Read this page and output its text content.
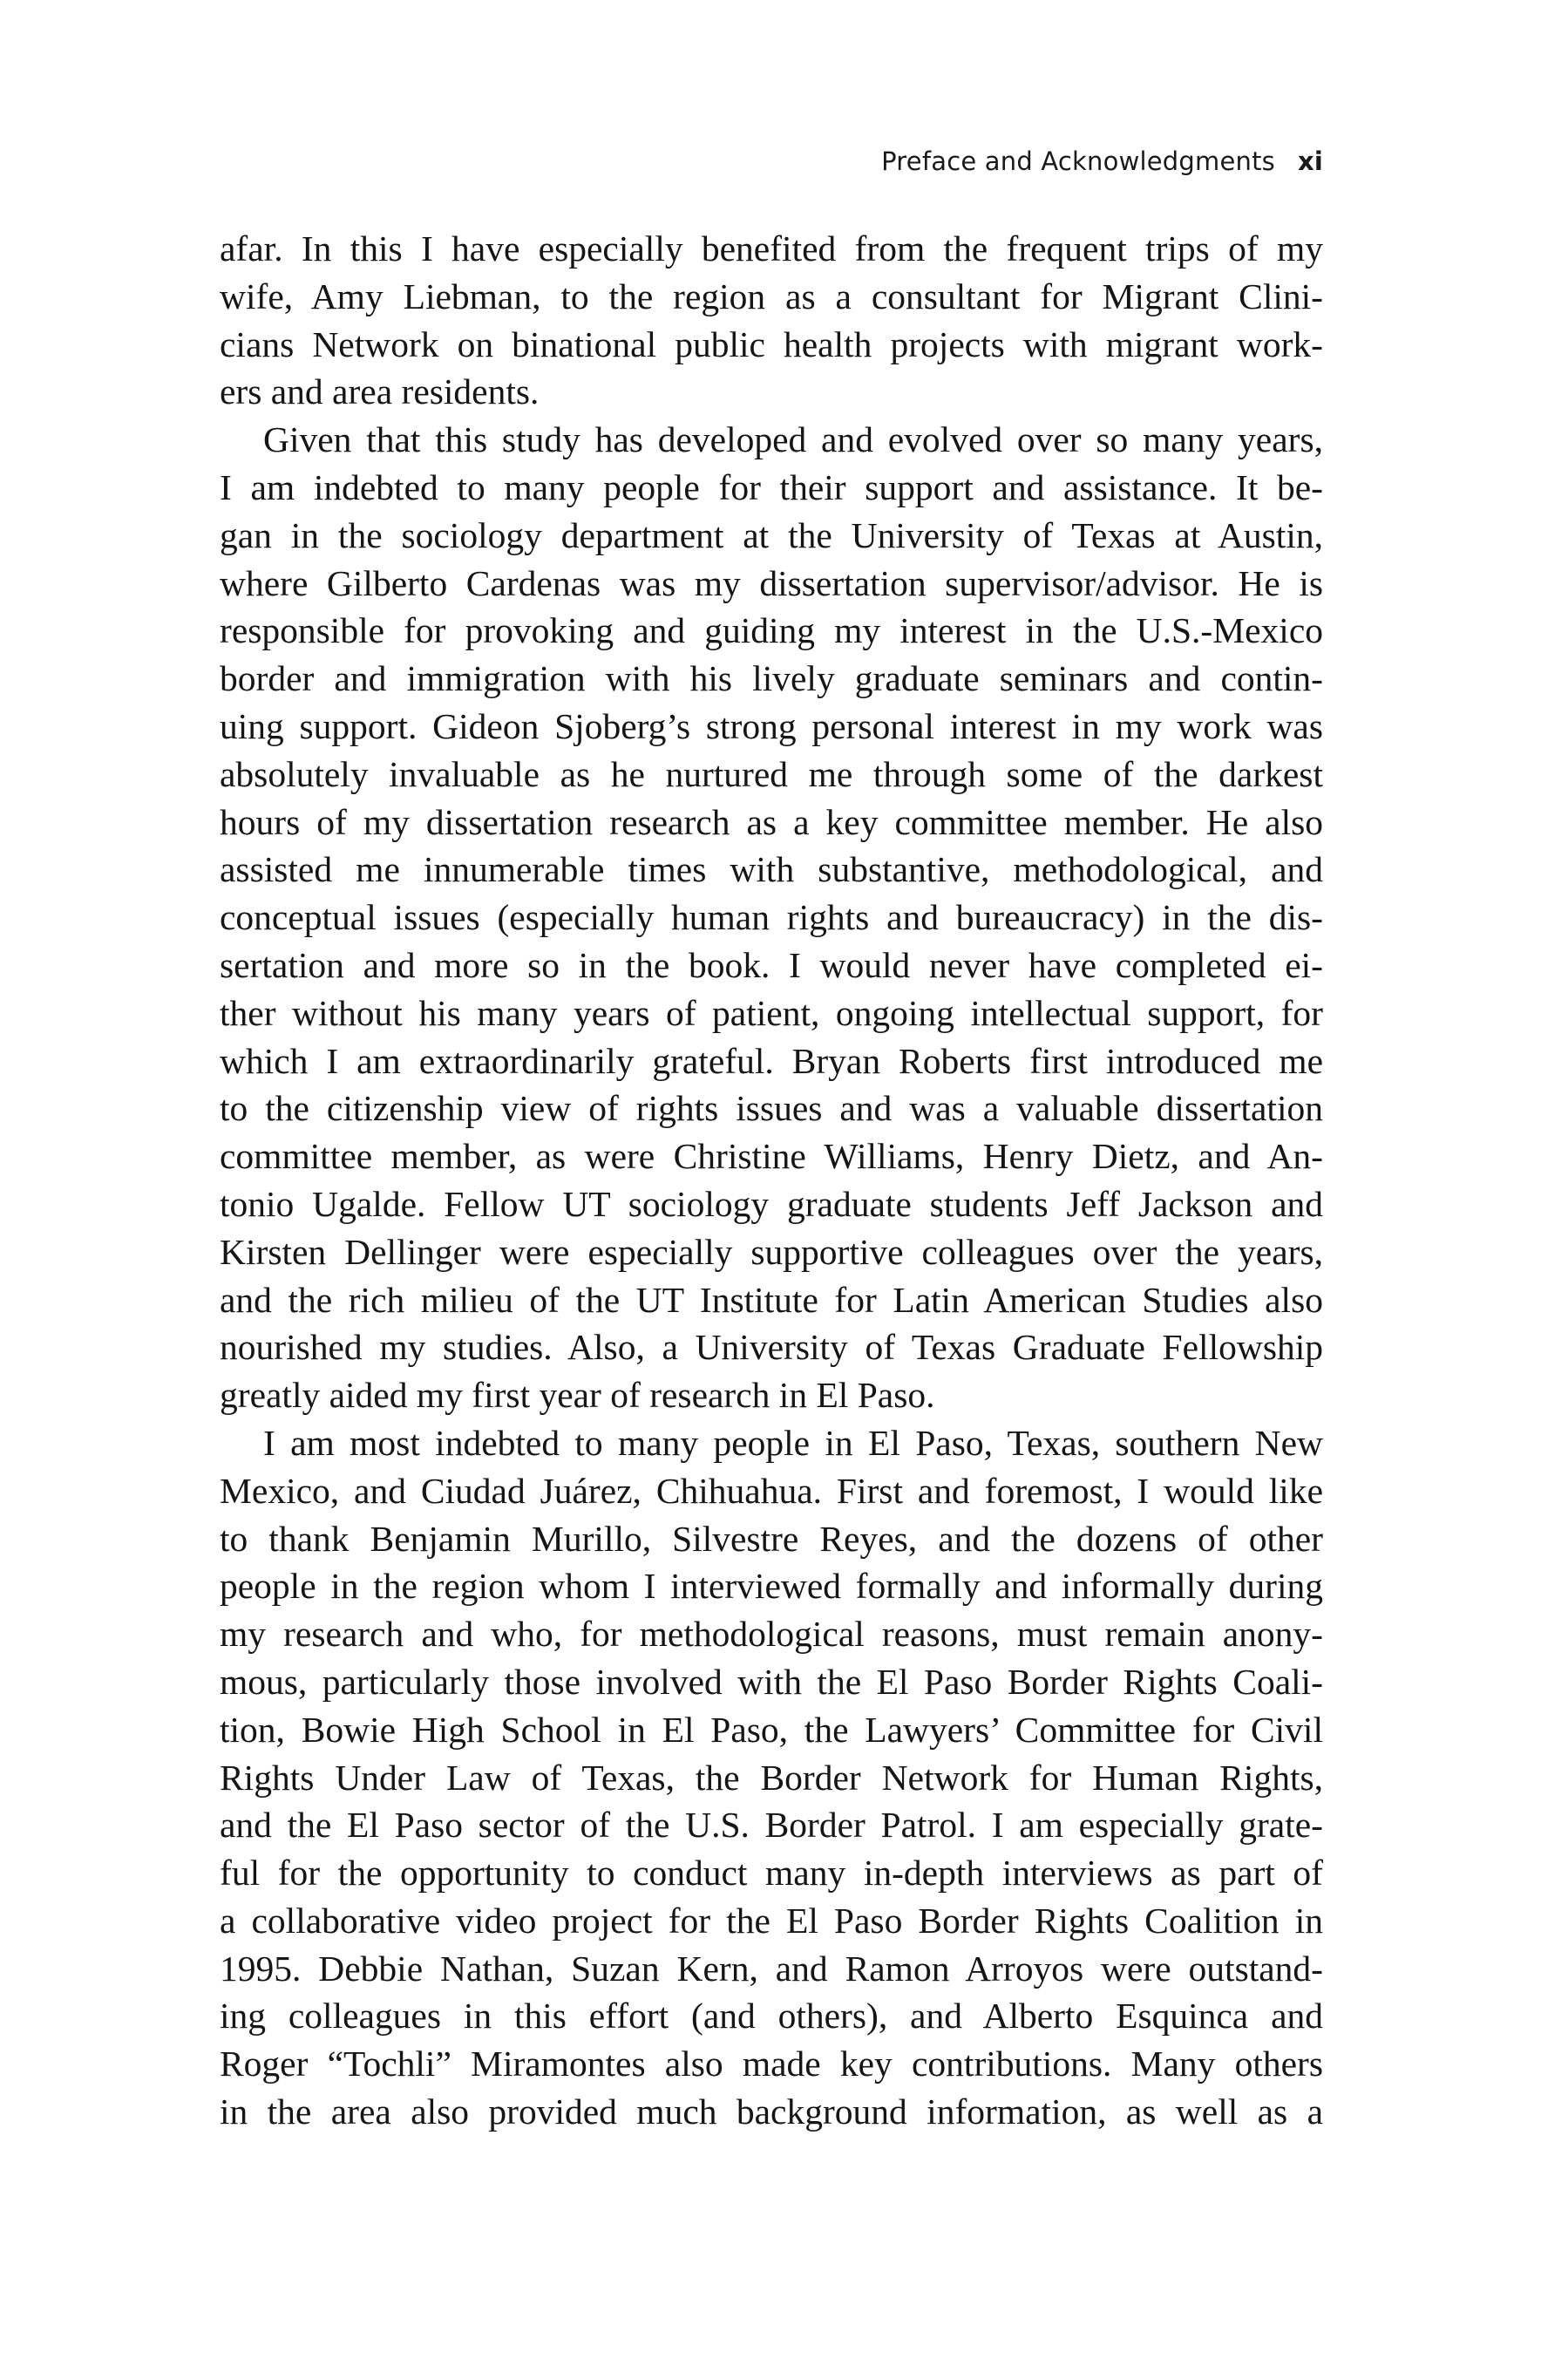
Preface and Acknowledgments xi
afar. In this I have especially benefited from the frequent trips of my
wife, Amy Liebman, to the region as a consultant for Migrant Clini-
cians Network on binational public health projects with migrant work-
ers and area residents.
Given that this study has developed and evolved over so many years,
I am indebted to many people for their support and assistance. It be-
gan in the sociology department at the University of Texas at Austin,
where Gilberto Cardenas was my dissertation supervisor/advisor. He is
responsible for provoking and guiding my interest in the U.S.-Mexico
border and immigration with his lively graduate seminars and contin-
uing support. Gideon Sjoberg’s strong personal interest in my work was
absolutely invaluable as he nurtured me through some of the darkest
hours of my dissertation research as a key committee member. He also
assisted me innumerable times with substantive, methodological, and
conceptual issues (especially human rights and bureaucracy) in the dis-
sertation and more so in the book. I would never have completed ei-
ther without his many years of patient, ongoing intellectual support, for
which I am extraordinarily grateful. Bryan Roberts first introduced me
to the citizenship view of rights issues and was a valuable dissertation
committee member, as were Christine Williams, Henry Dietz, and An-
tonio Ugalde. Fellow UT sociology graduate students Jeff Jackson and
Kirsten Dellinger were especially supportive colleagues over the years,
and the rich milieu of the UT Institute for Latin American Studies also
nourished my studies. Also, a University of Texas Graduate Fellowship
greatly aided my first year of research in El Paso.
I am most indebted to many people in El Paso, Texas, southern New
Mexico, and Ciudad Juárez, Chihuahua. First and foremost, I would like
to thank Benjamin Murillo, Silvestre Reyes, and the dozens of other
people in the region whom I interviewed formally and informally during
my research and who, for methodological reasons, must remain anony-
mous, particularly those involved with the El Paso Border Rights Coali-
tion, Bowie High School in El Paso, the Lawyers’ Committee for Civil
Rights Under Law of Texas, the Border Network for Human Rights,
and the El Paso sector of the U.S. Border Patrol. I am especially grate-
ful for the opportunity to conduct many in-depth interviews as part of
a collaborative video project for the El Paso Border Rights Coalition in
1995. Debbie Nathan, Suzan Kern, and Ramon Arroyos were outstand-
ing colleagues in this effort (and others), and Alberto Esquinca and
Roger “Tochli” Miramontes also made key contributions. Many others
in the area also provided much background information, as well as a
